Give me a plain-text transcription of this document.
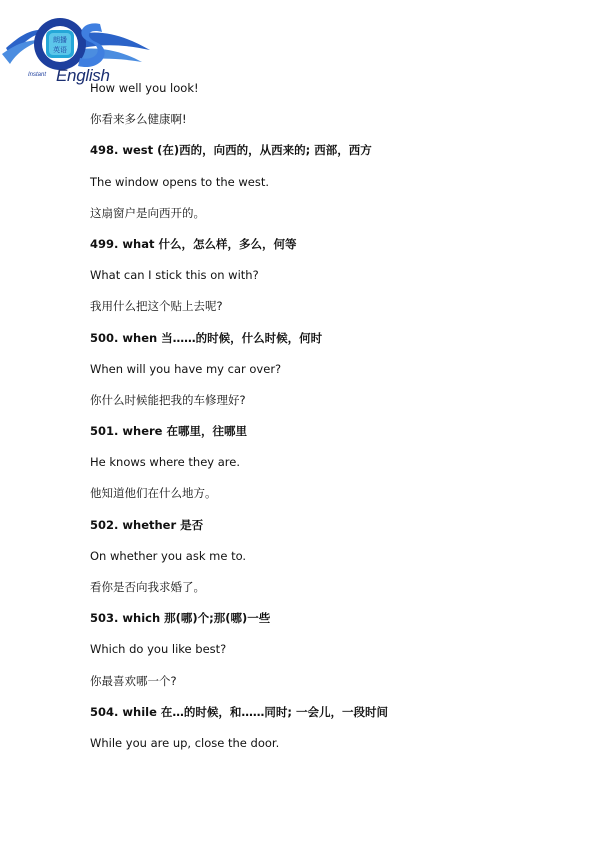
朗播
英语
Instant English
How well you look!
你看来多么健康啊!
498. west (在)西的，向西的，从西来的; 西部，西方
The window opens to the west.
这扇窗户是向西开的。
499. what 什么，怎么样，多么，何等
What can I stick this on with?
我用什么把这个贴上去呢?
500. when 当……的时候，什么时候，何时
When will you have my car over?
你什么时候能把我的车修理好?
501. where 在哪里，往哪里
He knows where they are.
他知道他们在什么地方。
502. whether 是否
On whether you ask me to.
看你是否向我求婚了。
503. which 那(哪)个;那(哪)一些
Which do you like best?
你最喜欢哪一个?
504. while 在…的时候，和……同时; 一会儿，一段时间
While you are up, close the door.
